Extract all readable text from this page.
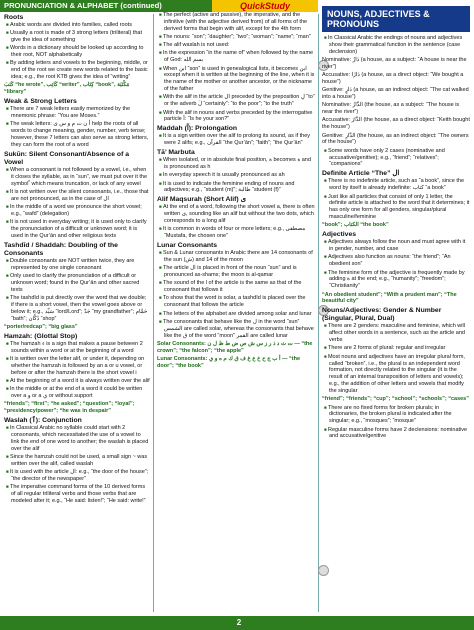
PRONUNCIATION & ALPHABET (continued)	QuickStudy
Roots

■ Arabic words are divided into families, called roots

■ Usually a root is made of 3 strong letters (triliteral) that give the idea of something

■ Words in a dictionary should be looked up according to their root, NOT alphabetically

■ By adding letters and vowels to the beginning, middle, or end of the root we create new words related to the basic idea; e.g., the root KTB gives the idea of “writing”

كَتَبَ “he wrote”, كَاتِب “writer”, كِتَاب “book”, مَكْتَبَة “library”

Weak & Strong Letters

■ There are 7 weak letters easily memorized by the mnemonic phrase: “You are Moses.”

■ The weak letters: أ ن ت م و س ى help the roots of all words to change meaning, gender, number, verb tense; however, these 7 letters can also serve as strong letters, they can form the root of a word

Sukūn: Silent Consonant/Absence of a Vowel

■ When a consonant is not followed by a vowel, i.e., when it closes the syllable, as in “sun”, we must put over it the symbol ْ which means truncation, or lack of any vowel

■ It is not written over the silent consonants, i.e., those that are not pronounced, as in the case of ال

■ In the middle of a word we pronounce the short vowel; e.g., “wafd” (delegation)

■ It is not used in everyday writing; it is used only to clarify the pronunciation of a difficult or unknown word; it is used in the Qur’ān and other religious texts

Tashdīd / Shaddah: Doubling of the Consonants

■ Double consonants are NOT written twice, they are represented by one single consonant

■ Only used to clarify the pronunciation of a difficult or unknown word; found in the Qur’ān and other sacred texts

■ The tashdīd is put directly over the word that we double; if there is a short vowel, then the vowel goes above or below it; e.g., سَيِّد “lord/Lord”; جَدّ “my grandfather”; حَمَّام “bath”; دُكَّان “shop”

“porter/redcap”; “big glass”

Hamzah: (Glottal Stop)

■ The hamzah ء is a sign that makes a pause between 2 sounds within a word or at the beginning of a word

■ It is written over the letter alif, or under it, depending on whether the hamzah is followed by an a or u vowel, or before or after the hamzah there is the short vowel i

■ At the beginning of a word it is always written over the alif

■ In the middle or at the end of a word it could be written over a و or a ي or without support

“friends”; “first”; “he asked”; “question”; “loyal”; “presidency/power”; “he was in despair”

Waslah (ٱ): Conjunction

■ In Classical Arabic no syllable could start with 2 consonants, which necessitated the use of a vowel to link the end of one word to another; the waslah is placed over the alif

■ Since the hamzah could not be used, a small sign ~ was written over the alif, called waslah

■ It is used with the article ال: e.g., “the door of the house”; “the director of the newspaper”

■ The imperative command forms of the 10 derived forms of all regular triliteral verbs and those verbs that are modeled after it; e.g., “He said: listen!”; “He said: write!”

■ The perfect (active and passive), the imperative, and the infinitive (with the adjective derived from) of all forms of the derived forms that begin with alif, except for the 4th form

■ The nouns: “son”; “daughter”; “two”; “woman”; “name”; “man”

■ The alif waslah is not used:

■ In the expression “in the name of” when followed by the name of God: بسم الله

■ When ابن “son” is used in genealogical lists, it becomes ابن except when it is written at the beginning of the line, when it is the name of the mother or another ancestor, or the nickname of the father

■ With the alif in the article ال preceded by the preposition لِ “to” or the adverb لَ “certainly”: “to the poor”; “to the truth”

■ With the alif in nouns and verbs preceded by the interrogative particle أ: “Is he your son?”

Maddah (آ): Prolongation

■ It is a sign written over the alif to prolong its sound, as if they were 2 alifs; e.g., القرآن “the Qur’ān”; “faith”; “the Qur’ān”

Tā’ Marbuta

■ When isolated, or in absolute final position, ة becomes ة and is pronounced as h

■ In everyday speech it is usually pronounced as ah

■ It is used to indicate the feminine ending of nouns and adjectives; e.g., “student (m)”; طالبة “student (f)”

Alif Maqsurah (Short Alif) ى

■ At the end of a word, following the short vowel a, there is often written ى, sounding like an alif but without the two dots, which corresponds to a long alif

■ It is common in words of four or more letters; e.g., مصطفى “Mustafa, the chosen one”

Lunar Consonants

■ Sun & Lunar consonants in Arabic there are 14 consonants of the sun (ش) and 14 of the moon

■ The article ال is placed in front of the noun “sun” and is pronounced as-shams; the moon is al-qamar

■ The sound of the l of the article is the same as that of the consonant that follows it

■ To show that the word is solar, a tashdīd is placed over the consonant that follows the article

■ The letters of the alphabet are divided among solar and lunar

■ The consonants that behave like the ل in the word “sun” الشمس are called solar, whereas the consonants that behave like the ق of the word “moon” القمر are called lunar

Solar Consonants: ت ث د ذ ر ز س ش ص ض ط ظ ل ن — “the crown”; “the falcon”; “the apple”

Lunar Consonants: أ ب ج ح خ ع غ ف ق ك م ه و ي — “the door”; “the book”

NOUNS, ADJECTIVES & PRONOUNS

■ In Classical Arabic the endings of nouns and adjectives show their grammatical function in the sentence (case declension)

Nominative: دَارٌ (a house, as a subject: “A house is near the river”)

Accusative: دَارًا (a house, as a direct object: “We bought a house”)

Genitive: دَارٍ (a house, as an indirect object: “The cat walked into a house”)

Nominative: الدَّارُ (the house, as a subject: “The house is near the river”)

Accusative: الدَّارَ (the house, as a direct object: “Keith bought the house”)

Genitive: الدَّارِ (the house, as an indirect object: “The owners of the house”)

■ Some words have only 2 cases (nominative and accusative/genitive); e.g., “friend”; “relatives”; “companions”

Definite Article “The” ال

■ There is no indefinite article, such as “a book”, since the word by itself is already indefinite: كتاب “a book”

■ Just like all particles that consist of only 1 letter, the definite article is attached to the word that it determines; it has only one form for all genders, singular/plural masculine/feminine

“book”; الكتاب “the book”

Adjectives

■ Adjectives always follow the noun and must agree with it in gender, number, and case

■ Adjectives also function as nouns: “the friend”; “An obedient son”

■ The feminine form of the adjective is frequently made by adding ة at the end; e.g., “humanity”; “freedom”; “Christianity”

“An obedient student”; “With a prudent man”; “The beautiful city”

Nouns/Adjectives: Gender & Number (Singular, Plural, Dual)

■ There are 2 genders: masculine and feminine, which will affect other words in a sentence, such as the article and verbs

■ There are 2 forms of plural: regular and irregular

■ Most nouns and adjectives have an irregular plural form, called “broken”, i.e., the plural is an independent word formation, not directly related to the singular (it is the result of an internal transposition of letters and vowels); e.g., the addition of other letters and vowels that modify the singular

“friend”; “friends”; “cup”; “school”; “schools”; “cases”

■ There are no fixed forms for broken plurals; in dictionaries, the broken plural is indicated after the singular; e.g., “mosques”; “mosque”

■ Regular masculine forms have 2 declensions: nominative and accusative/genitive

2
